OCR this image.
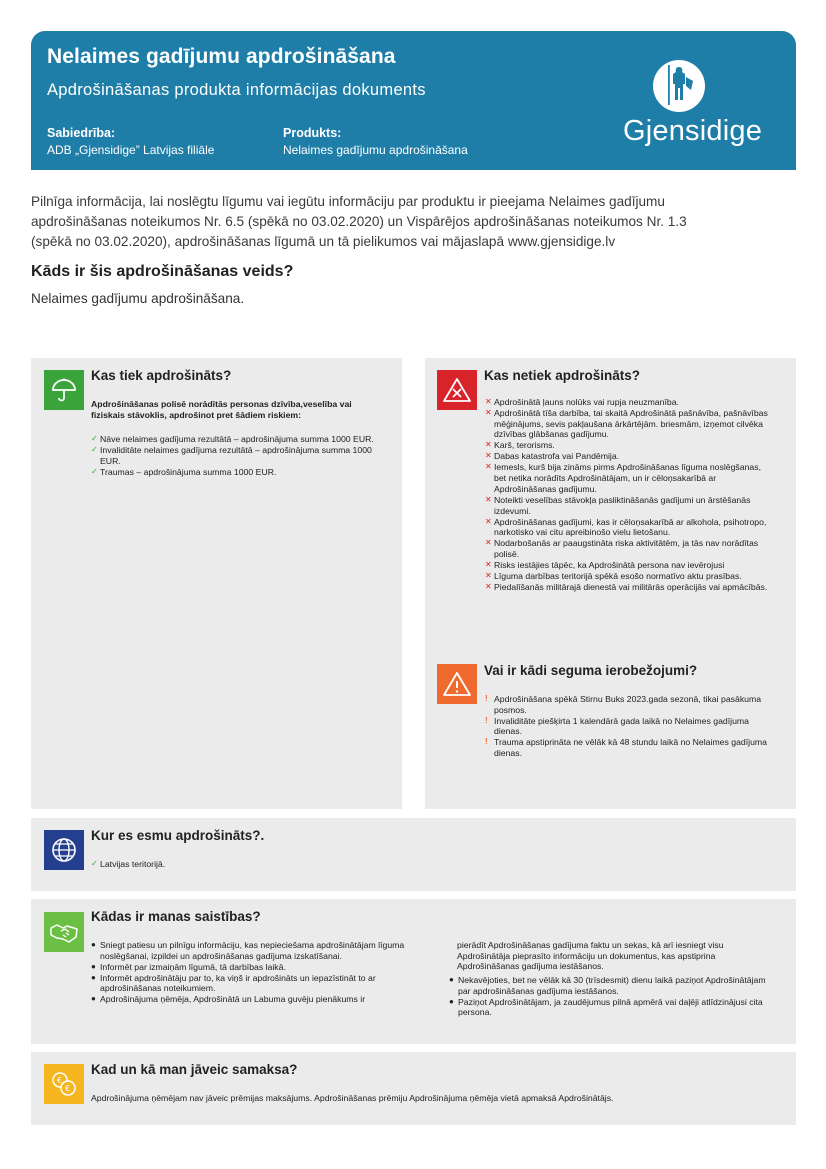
Nelaimes gadījumu apdrošināšana
Apdrošināšanas produkta informācijas dokuments
Sabiedrība:
ADB „Gjensidige” Latvijas filiāle
Produkts:
Nelaimes gadījumu apdrošināšana
Gjensidige
Pilnīga informācija, lai noslēgtu līgumu vai iegūtu informāciju par produktu ir pieejama Nelaimes gadījumu apdrošināšanas noteikumos Nr. 6.5 (spēkā no 03.02.2020) un Vispārējos apdrošināšanas noteikumos Nr. 1.3 (spēkā no 03.02.2020), apdrošināšanas līgumā un tā pielikumos vai mājaslapā www.gjensidige.lv
Kāds ir šis apdrošināšanas veids?
Nelaimes gadījumu apdrošināšana.
Kas tiek apdrošināts?
Apdrošināšanas polisē norādītās personas dzīvība,veselība vai fiziskais stāvoklis, apdrošinot pret šādiem riskiem:
✓ Nāve nelaimes gadījuma rezultātā – apdrošinājuma summa 1000 EUR.
✓ Invaliditāte nelaimes gadījuma rezultātā – apdrošinājuma summa 1000 EUR.
✓ Traumas – apdrošinājuma summa 1000 EUR.
Kas netiek apdrošināts?
✕ Apdrošinātā ļauns nolūks vai rupja neuzmanība.
✕ Apdrošinātā tīša darbība, tai skaitā Apdrošinātā pašnāvība, pašnāvības mēģinājums, sevis pakļaušana ārkārtējām. briesmām, izņemot cilvēka dzīvības glābšanas gadījumu.
✕ Karš, terorisms.
✕ Dabas katastrofa vai Pandēmija.
✕ Iemesls, kurš bija zināms pirms Apdrošināšanas līguma noslēgšanas, bet netika norādīts Apdrošinātājam, un ir cēloņsakarībā ar Apdrošināšanas gadījumu.
✕ Noteikti veselības stāvokļa pasliktināšanās gadījumi un ārstēšanās izdevumi.
✕ Apdrošināšanas gadījumi, kas ir cēloņsakarībā ar alkohola, psihotropo, narkotisko vai citu apreibinošo vielu lietošanu.
✕ Nodarbošanās ar paaugstināta riska aktivitātēm, ja tās nav norādītas polisē.
✕ Risks iestājies tāpēc, ka Apdrošinātā persona nav ievērojusi
✕ Līguma darbības teritorijā spēkā esošo normatīvo aktu prasības.
✕ Piedalīšanās militārajā dienestā vai militārās operācijās vai apmācībās.
Vai ir kādi seguma ierobežojumi?
! Apdrošināšana spēkā Stirnu Buks 2023.gada sezonā, tikai pasākuma posmos.
! Invaliditāte piešķirta 1 kalendārā gada laikā no Nelaimes gadījuma dienas.
! Trauma apstiprināta ne vēlāk kā 48 stundu laikā no Nelaimes gadījuma dienas.
Kur es esmu apdrošināts?.
✓ Latvijas teritorijā.
Kādas ir manas saistības?
● Sniegt patiesu un pilnīgu informāciju, kas nepieciešama apdrošinātājam līguma noslēgšanai, izpildei un apdrošināšanas gadījuma izskatīšanai.
● Informēt par izmaiņām līgumā, tā darbības laikā.
● Informēt apdrošinātāju par to, ka viņš ir apdrošināts un iepazīstināt to ar apdrošināšanas noteikumiem.
● Apdrošinājuma ņēmēja, Apdrošinātā un Labuma guvēju pienākums ir
pierādīt Apdrošināšanas gadījuma faktu un sekas, kā arī iesniegt visu Apdrošinātāja pieprasīto informāciju un dokumentus, kas apstiprina Apdrošināšanas gadījuma iestāšanos.
● Nekavējoties, bet ne vēlāk kā 30 (trīsdesmit) dienu laikā paziņot Apdrošinātājam par apdrošināšanas gadījuma iestāšanos.
● Paziņot Apdrošinātājam, ja zaudējumus pilnā apmērā vai daļēji atlīdzinājusi cita persona.
€
€
Kad un kā man jāveic samaksa?
Apdrošinājuma ņēmējam nav jāveic prēmijas maksājums. Apdrošināšanas prēmiju Apdrošinājuma ņēmēja vietā apmaksā Apdrošinātājs.
